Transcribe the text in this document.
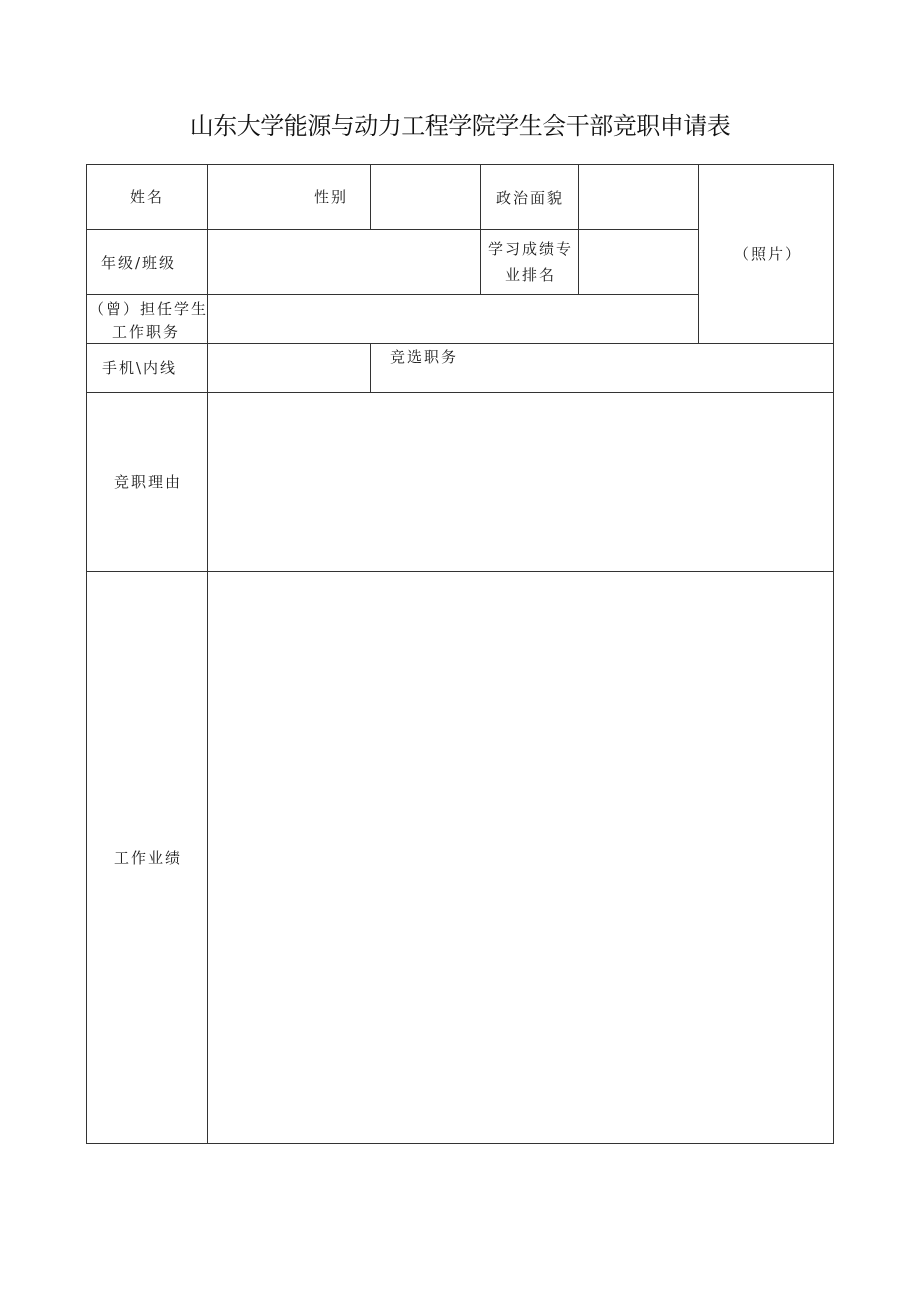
山东大学能源与动力工程学院学生会干部竞职申请表
姓名	性别	政治面貌
（照片）
年级/班级
学习成绩专
业排名
（曾）担任学生
工作职务
手机\内线
竞选职务
竞职理由
工作业绩
